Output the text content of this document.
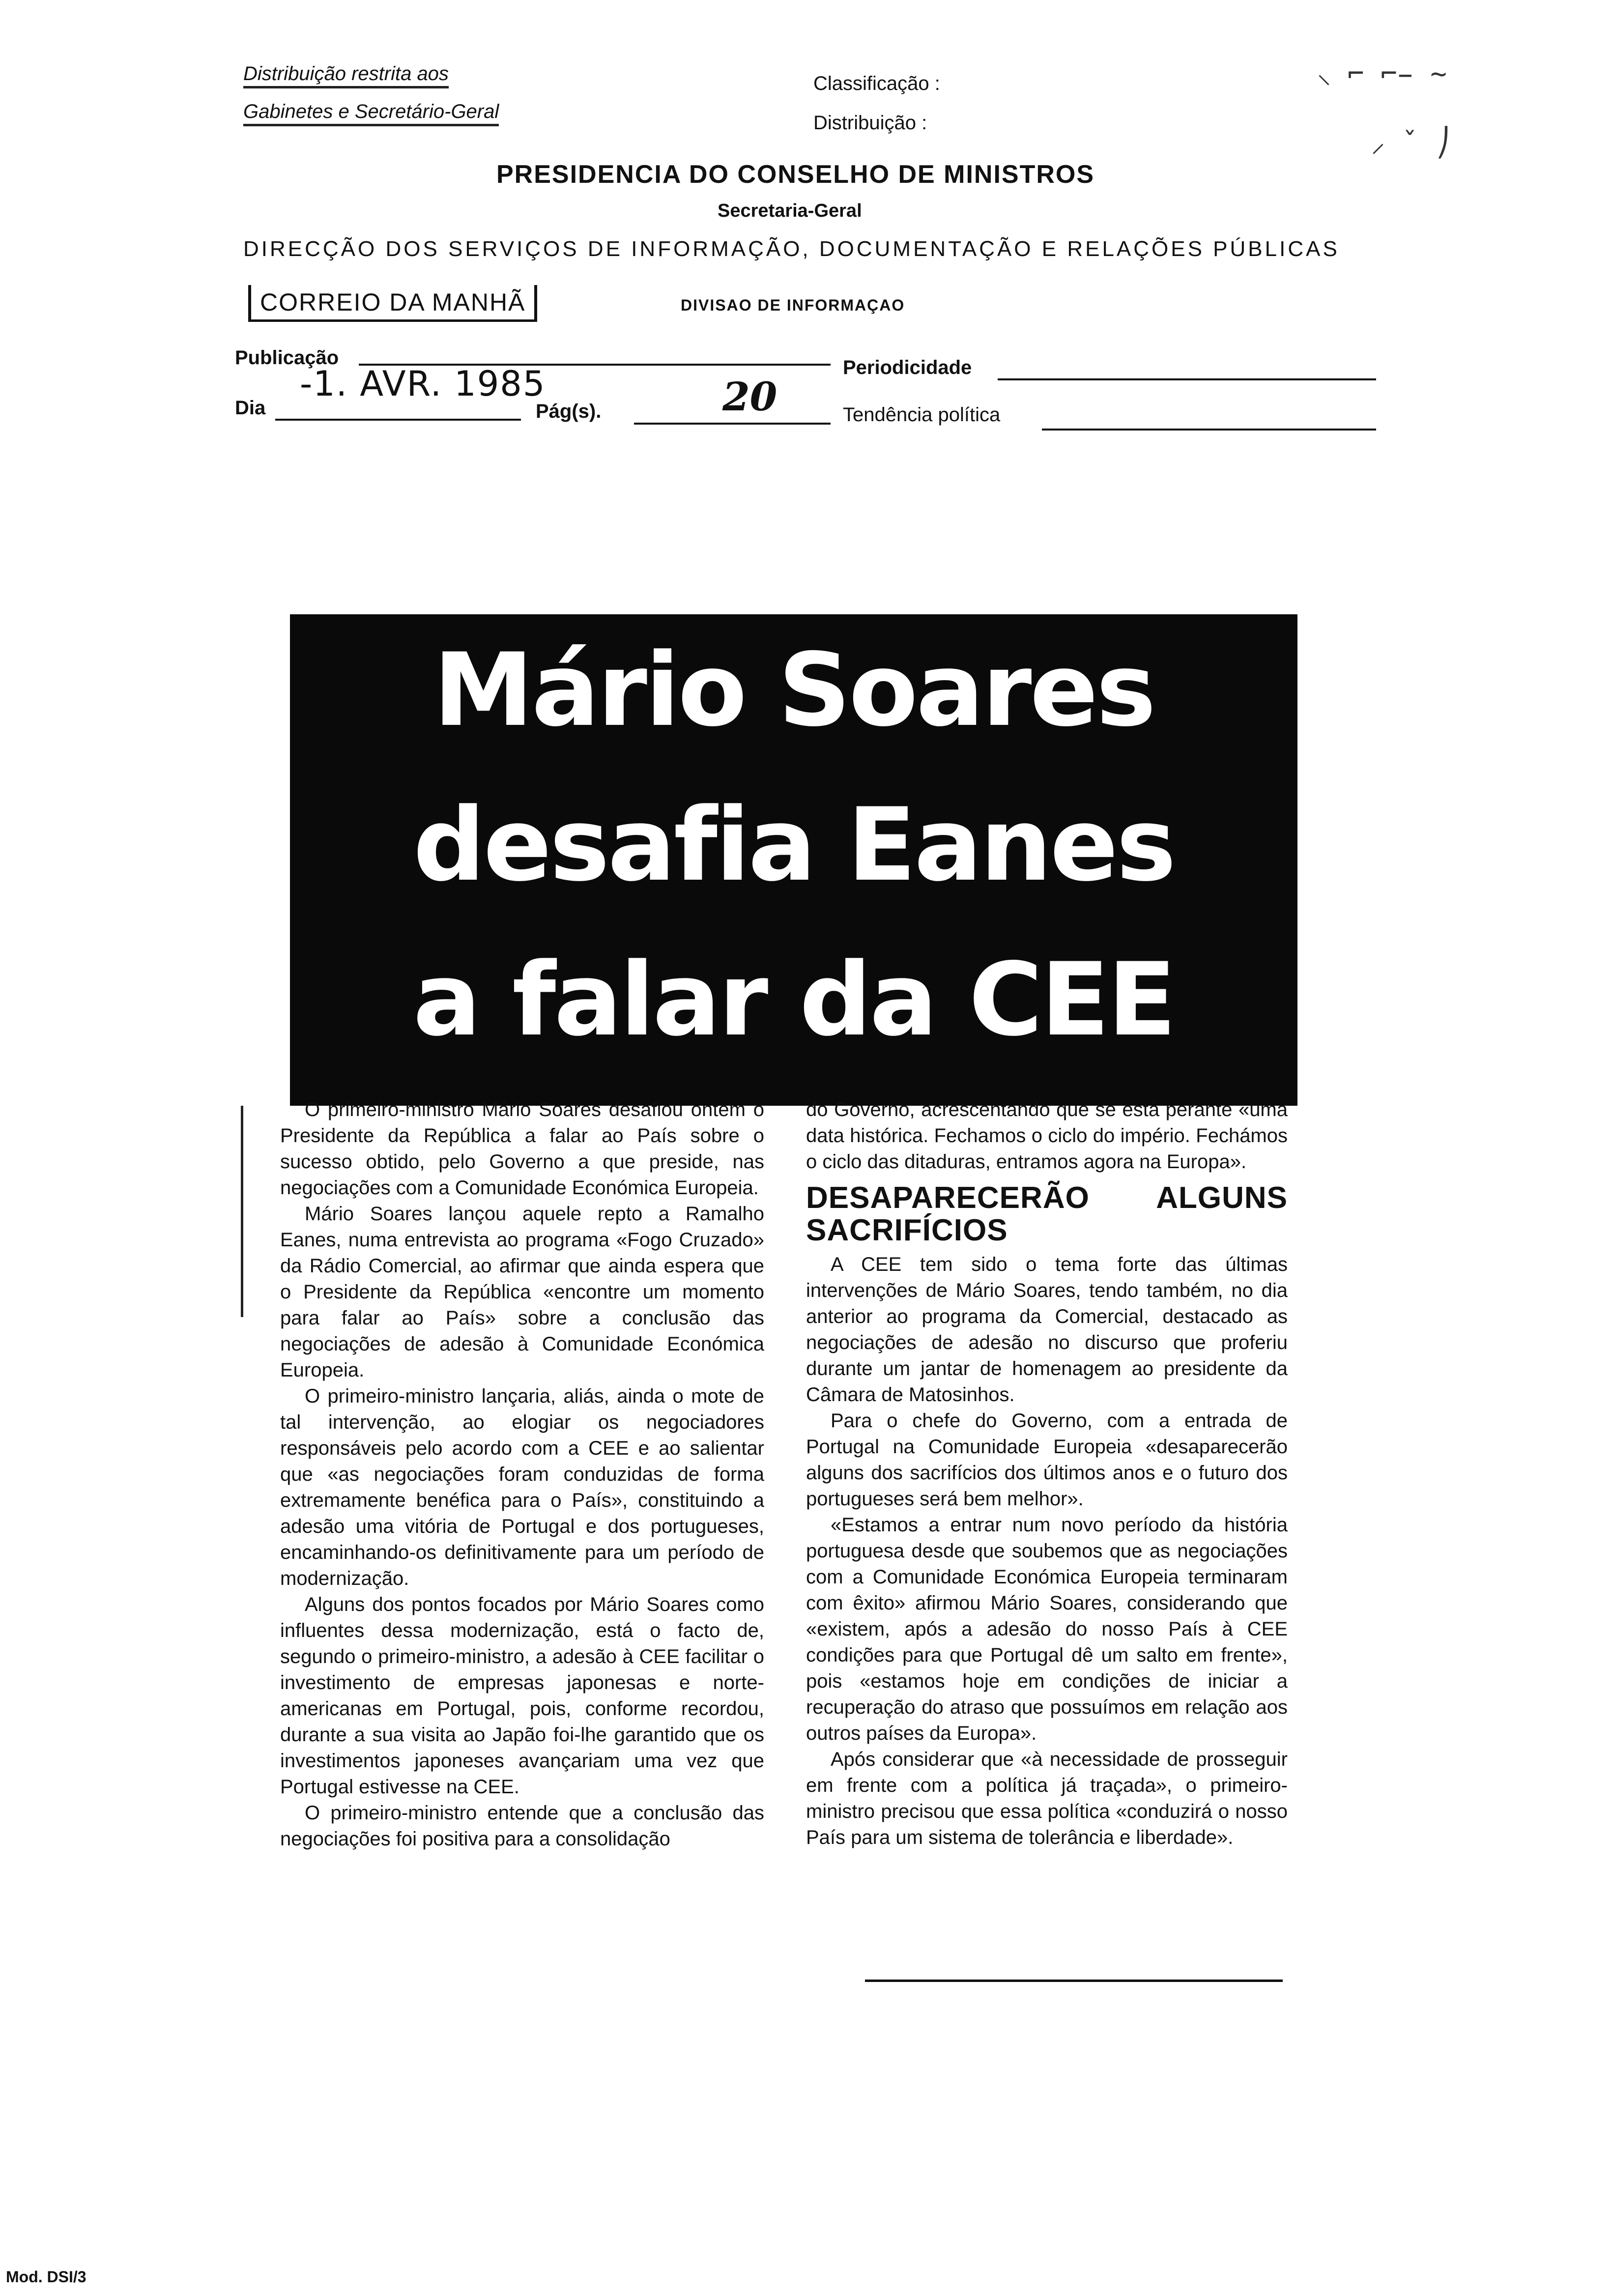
Distribuição restrita aos
Gabinetes e Secretário-Geral
Classificação :
Distribuição :
⸜ ⌐ ⌐̵ ~
⸝ ˇ ⎠
PRESIDENCIA DO CONSELHO DE MINISTROS
Secretaria-Geral
DIRECÇÃO DOS SERVIÇOS DE INFORMAÇÃO, DOCUMENTAÇÃO E RELAÇÕES PÚBLICAS
CORREIO DA MANHÃ	DIVISAO DE INFORMAÇAO
Publicação	Periodicidade
Dia
-1. AVR. 1985
Pág(s).	20	Tendência política
Mário Soares
desafia Eanes
a falar da CEE

O primeiro-ministro Mário Soares desafiou ontem o Presidente da República a falar ao País sobre o sucesso obtido, pelo Governo a que preside, nas negociações com a Comunidade Económica Europeia.

Mário Soares lançou aquele repto a Ramalho Eanes, numa entrevista ao programa «Fogo Cruzado» da Rádio Comercial, ao afirmar que ainda espera que o Presidente da República «encontre um momento para falar ao País» sobre a conclusão das negociações de adesão à Comunidade Económica Europeia.

O primeiro-ministro lançaria, aliás, ainda o mote de tal intervenção, ao elogiar os negociadores responsáveis pelo acordo com a CEE e ao salientar que «as negociações foram conduzidas de forma extremamente benéfica para o País», constituindo a adesão uma vitória de Portugal e dos portugueses, encaminhando-os definitivamente para um período de modernização.

Alguns dos pontos focados por Mário Soares como influentes dessa modernização, está o facto de, segundo o primeiro-ministro, a adesão à CEE facilitar o investimento de empresas japonesas e norte-americanas em Portugal, pois, conforme recordou, durante a sua visita ao Japão foi-lhe garantido que os investimentos japoneses avançariam uma vez que Portugal estivesse na CEE.

O primeiro-ministro entende que a conclusão das negociações foi positiva para a consolidação

do Governo, acrescentando que se está perante «uma data histórica. Fechamos o ciclo do império. Fechámos o ciclo das ditaduras, entramos agora na Europa».

DESAPARECERÃO ALGUNS SACRIFÍCIOS

A CEE tem sido o tema forte das últimas intervenções de Mário Soares, tendo também, no dia anterior ao programa da Comercial, destacado as negociações de adesão no discurso que proferiu durante um jantar de homenagem ao presidente da Câmara de Matosinhos.

Para o chefe do Governo, com a entrada de Portugal na Comunidade Europeia «desaparecerão alguns dos sacrifícios dos últimos anos e o futuro dos portugueses será bem melhor».

«Estamos a entrar num novo período da história portuguesa desde que soubemos que as negociações com a Comunidade Económica Europeia terminaram com êxito» afirmou Mário Soares, considerando que «existem, após a adesão do nosso País à CEE condições para que Portugal dê um salto em frente», pois «estamos hoje em condições de iniciar a recuperação do atraso que possuímos em relação aos outros países da Europa».

Após considerar que «à necessidade de prosseguir em frente com a política já traçada», o primeiro-ministro precisou que essa política «conduzirá o nosso País para um sistema de tolerância e liberdade».

Mod. DSI/3
